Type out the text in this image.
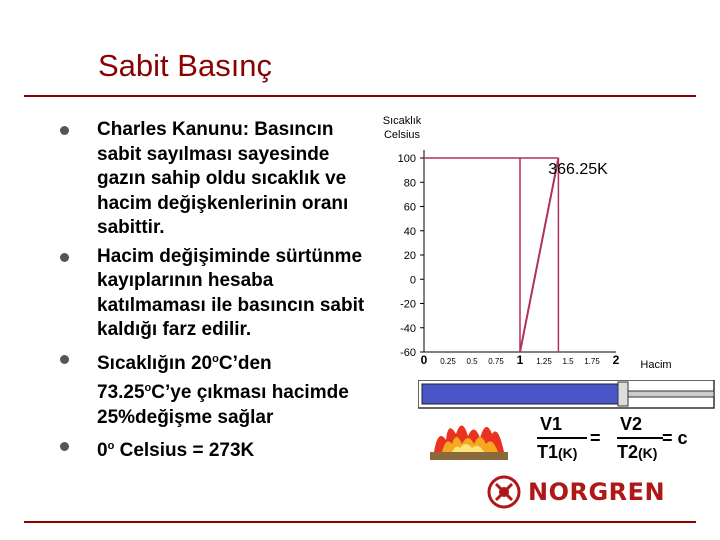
Sabit Basınç
Charles Kanunu: Basıncın sabit sayılması sayesinde gazın sahip oldu sıcaklık ve hacim değişkenlerinin oranı sabittir.
Hacim değişiminde sürtünme kayıplarının hesaba katılmaması ile basıncın sabit kaldığı farz edilir.
Sıcaklığın 20$^o$C’den 73.25$^o$C’ye çıkması hacimde 25%değişme sağlar
0$^o$ Celsius = 273K
Sıcaklık
Celsius
100
80
60
40
20
0
-20
-40
-60 0 0.25 0.5 0.75 1 1.25 1.5 1.75 2 Hacim
366.25K
V1
T1(K)
=
V2
T2(K)
= c
NORGREN
